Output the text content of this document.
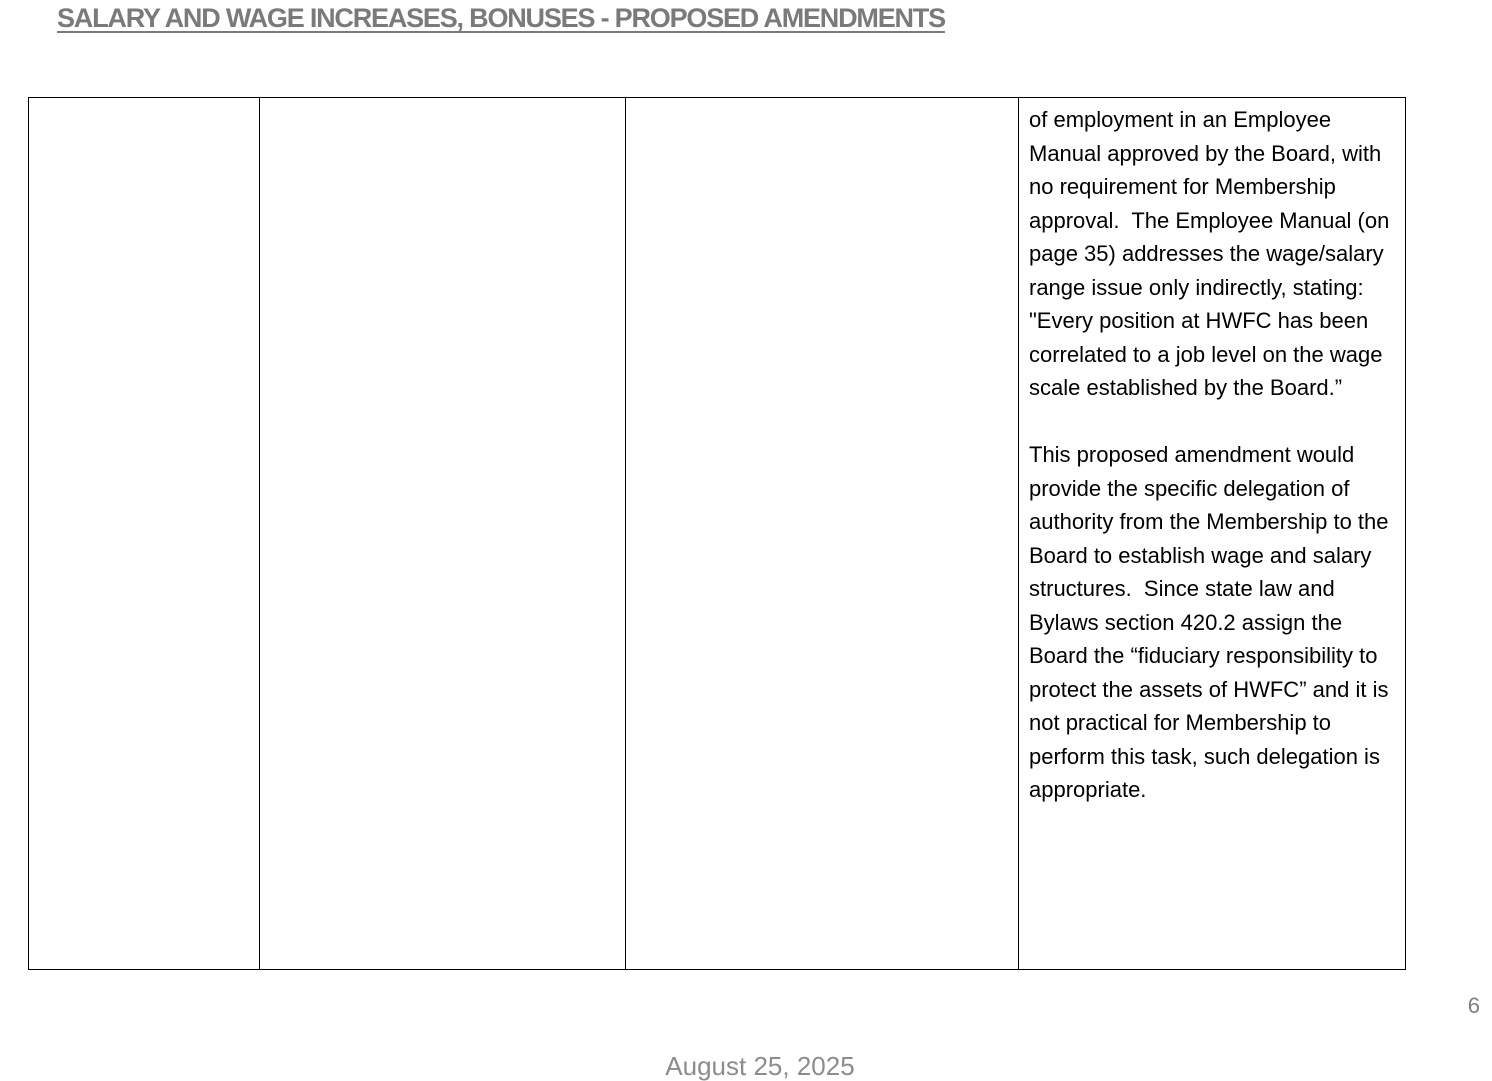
SALARY AND WAGE INCREASES, BONUSES - PROPOSED AMENDMENTS

of employment in an Employee Manual approved by the Board, with no requirement for Membership approval.  The Employee Manual (on page 35) addresses the wage/salary range issue only indirectly, stating:  "Every position at HWFC has been correlated to a job level on the wage scale established by the Board.”

This proposed amendment would provide the specific delegation of authority from the Membership to the Board to establish wage and salary structures.  Since state law and Bylaws section 420.2 assign the Board the “fiduciary responsibility to protect the assets of HWFC” and it is not practical for Membership to perform this task, such delegation is appropriate.

6
August 25, 2025
